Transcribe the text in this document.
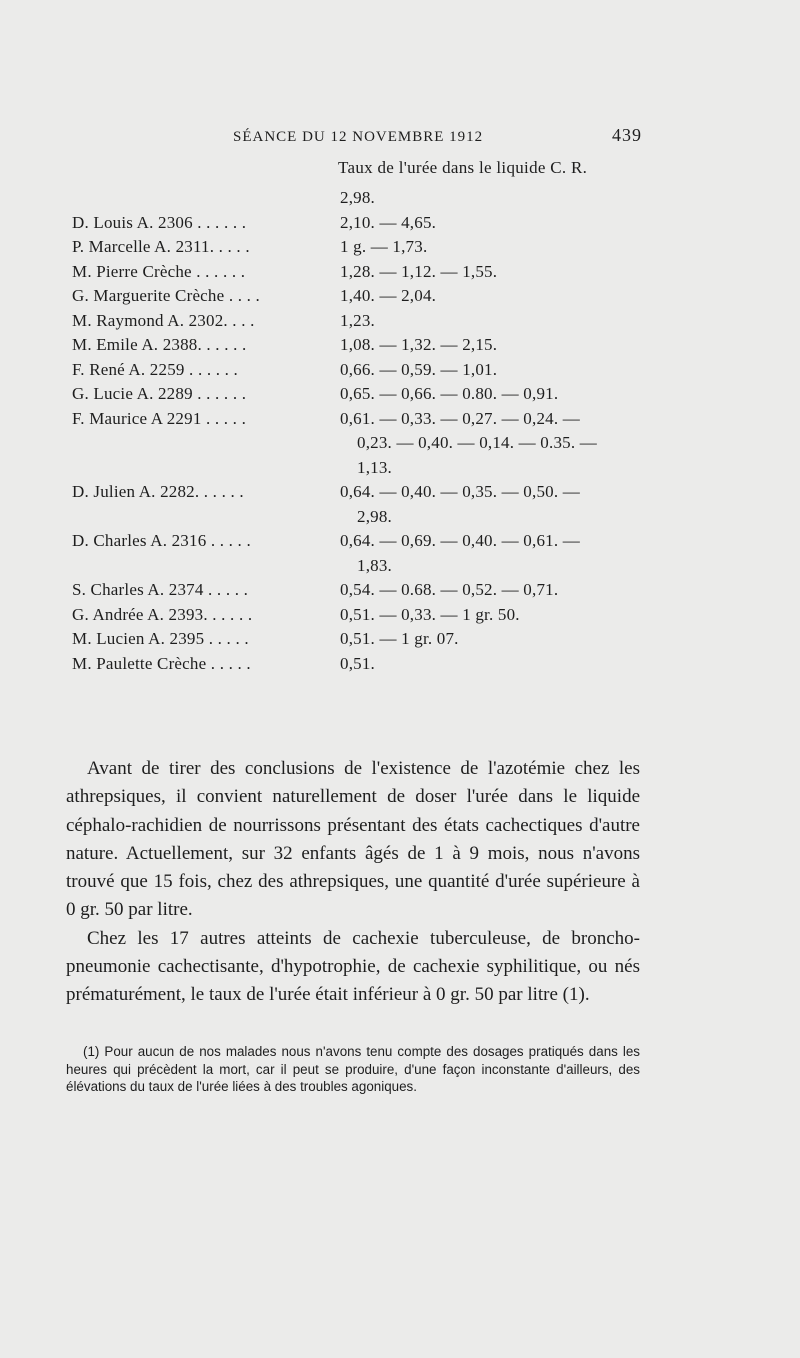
SÉANCE DU 12 NOVEMBRE 1912	439
Taux de l'urée dans le liquide C. R.
2,98.
D. Louis A. 2306 . . . . . .	2,10. — 4,65.
P. Marcelle A. 2311. . . . .	1 g. — 1,73.
M. Pierre Crèche . . . . . .	1,28. — 1,12. — 1,55.
G. Marguerite Crèche . . . .	1,40. — 2,04.
M. Raymond A. 2302. . . .	1,23.
M. Emile A. 2388. . . . . .	1,08. — 1,32. — 2,15.
F. René A. 2259 . . . . . .	0,66. — 0,59. — 1,01.
G. Lucie A. 2289 . . . . . .	0,65. — 0,66. — 0.80. — 0,91.
F. Maurice A 2291 . . . . .	0,61. — 0,33. — 0,27. — 0,24. —
0,23. — 0,40. — 0,14. — 0.35. —
1,13.
D. Julien A. 2282. . . . . .	0,64. — 0,40. — 0,35. — 0,50. —
2,98.
D. Charles A. 2316 . . . . .	0,64. — 0,69. — 0,40. — 0,61. —
1,83.
S. Charles A. 2374 . . . . .	0,54. — 0.68. — 0,52. — 0,71.
G. Andrée A. 2393. . . . . .	0,51. — 0,33. — 1 gr. 50.
M. Lucien A. 2395 . . . . .	0,51. — 1 gr. 07.
M. Paulette Crèche . . . . .	0,51.

Avant de tirer des conclusions de l'existence de l'azotémie chez les athrepsiques, il convient naturellement de doser l'urée dans le liquide céphalo-rachidien de nourrissons présentant des états cachectiques d'autre nature. Actuellement, sur 32 enfants âgés de 1 à 9 mois, nous n'avons trouvé que 15 fois, chez des athrepsiques, une quantité d'urée supérieure à 0 gr. 50 par litre.

Chez les 17 autres atteints de cachexie tuberculeuse, de broncho-pneumonie cachectisante, d'hypotrophie, de cachexie syphilitique, ou nés prématurément, le taux de l'urée était inférieur à 0 gr. 50 par litre (1).

(1) Pour aucun de nos malades nous n'avons tenu compte des dosages pratiqués dans les heures qui précèdent la mort, car il peut se produire, d'une façon inconstante d'ailleurs, des élévations du taux de l'urée liées à des troubles agoniques.
